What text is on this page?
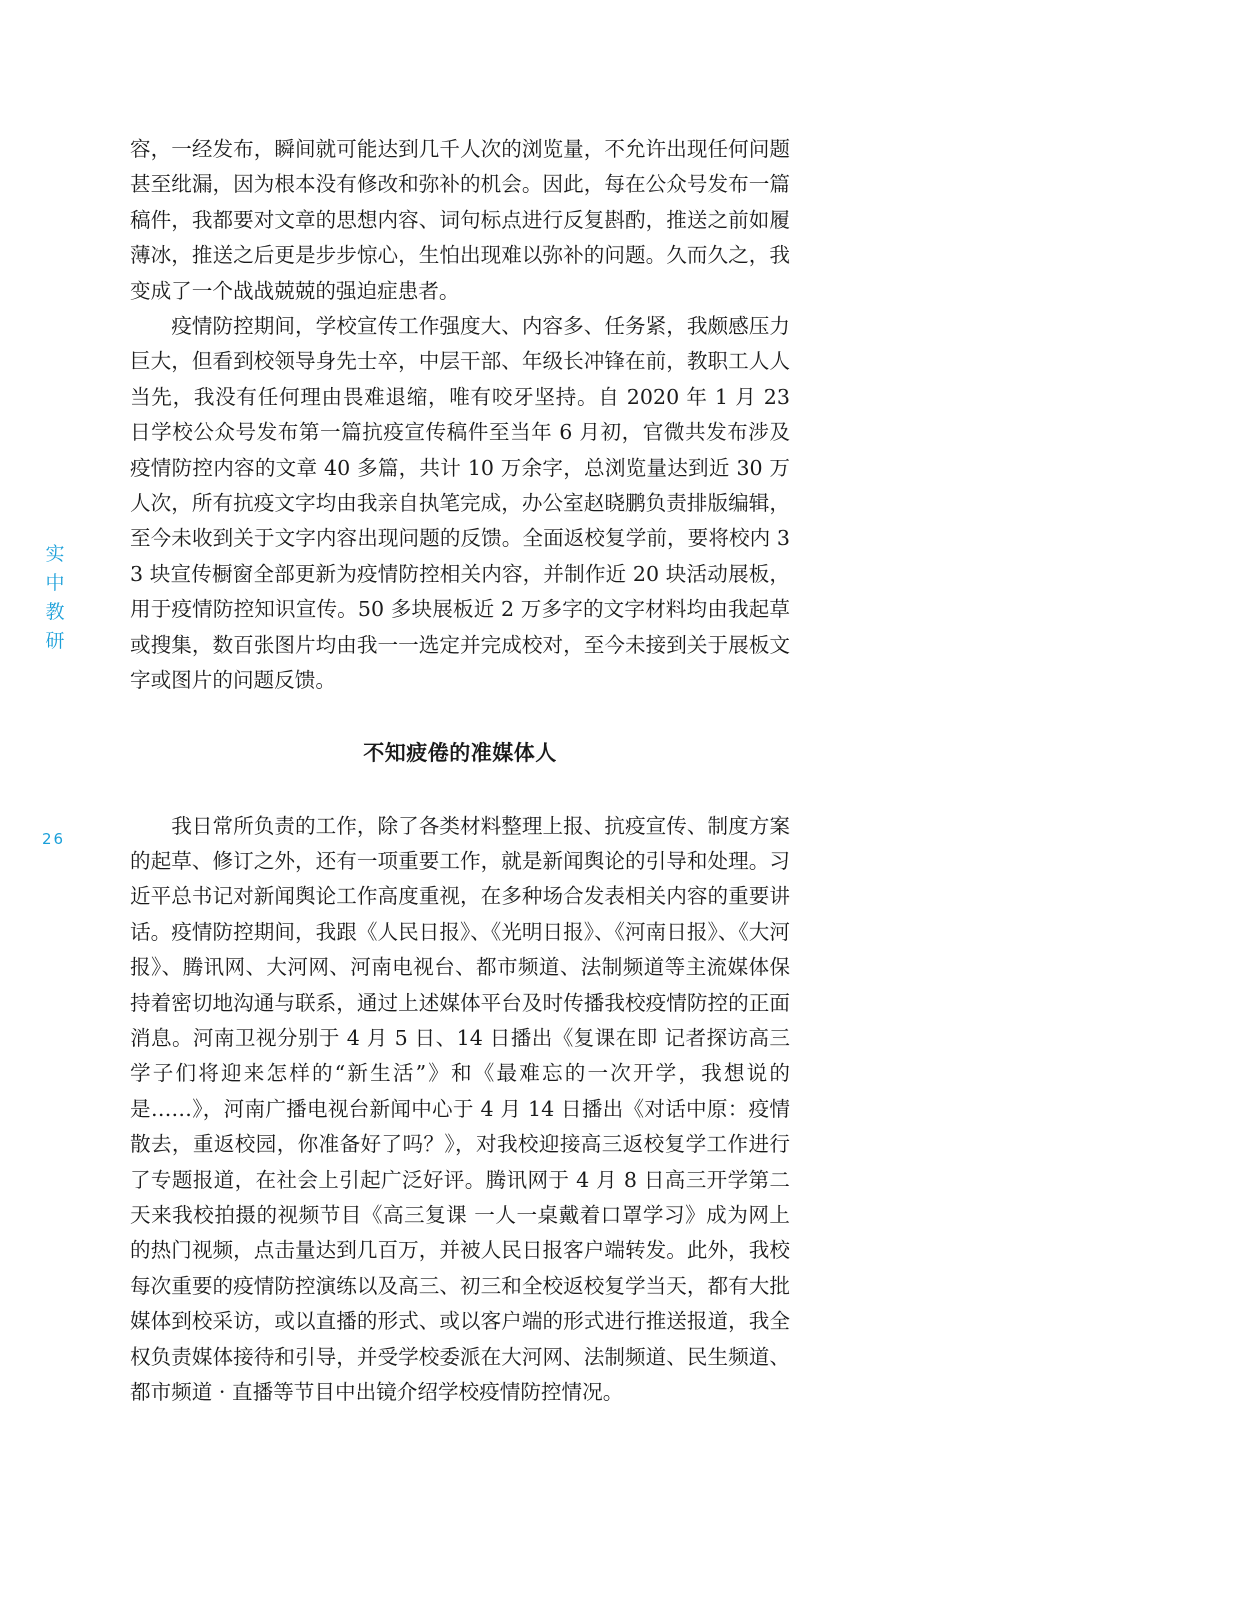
实
中
教
研
26

容，一经发布，瞬间就可能达到几千人次的浏览量，不允许出现任何问题甚至纰漏，因为根本没有修改和弥补的机会。因此，每在公众号发布一篇稿件，我都要对文章的思想内容、词句标点进行反复斟酌，推送之前如履薄冰，推送之后更是步步惊心，生怕出现难以弥补的问题。久而久之，我变成了一个战战兢兢的强迫症患者。

疫情防控期间，学校宣传工作强度大、内容多、任务紧，我颇感压力巨大，但看到校领导身先士卒，中层干部、年级长冲锋在前，教职工人人当先，我没有任何理由畏难退缩，唯有咬牙坚持。自 2020 年 1 月 23 日学校公众号发布第一篇抗疫宣传稿件至当年 6 月初，官微共发布涉及疫情防控内容的文章 40 多篇，共计 10 万余字，总浏览量达到近 30 万人次，所有抗疫文字均由我亲自执笔完成，办公室赵晓鹏负责排版编辑，至今未收到关于文字内容出现问题的反馈。全面返校复学前，要将校内 33 块宣传橱窗全部更新为疫情防控相关内容，并制作近 20 块活动展板，用于疫情防控知识宣传。50 多块展板近 2 万多字的文字材料均由我起草或搜集，数百张图片均由我一一选定并完成校对，至今未接到关于展板文字或图片的问题反馈。

不知疲倦的准媒体人

我日常所负责的工作，除了各类材料整理上报、抗疫宣传、制度方案的起草、修订之外，还有一项重要工作，就是新闻舆论的引导和处理。习近平总书记对新闻舆论工作高度重视，在多种场合发表相关内容的重要讲话。疫情防控期间，我跟《人民日报》、《光明日报》、《河南日报》、《大河报》、腾讯网、大河网、河南电视台、都市频道、法制频道等主流媒体保持着密切地沟通与联系，通过上述媒体平台及时传播我校疫情防控的正面消息。河南卫视分别于 4 月 5 日、14 日播出《复课在即 记者探访高三学子们将迎来怎样的“新生活”》和《最难忘的一次开学，我想说的是……》，河南广播电视台新闻中心于 4 月 14 日播出《对话中原：疫情散去，重返校园，你准备好了吗？》，对我校迎接高三返校复学工作进行了专题报道，在社会上引起广泛好评。腾讯网于 4 月 8 日高三开学第二天来我校拍摄的视频节目《高三复课 一人一桌戴着口罩学习》成为网上的热门视频，点击量达到几百万，并被人民日报客户端转发。此外，我校每次重要的疫情防控演练以及高三、初三和全校返校复学当天，都有大批媒体到校采访，或以直播的形式、或以客户端的形式进行推送报道，我全权负责媒体接待和引导，并受学校委派在大河网、法制频道、民生频道、都市频道 · 直播等节目中出镜介绍学校疫情防控情况。
